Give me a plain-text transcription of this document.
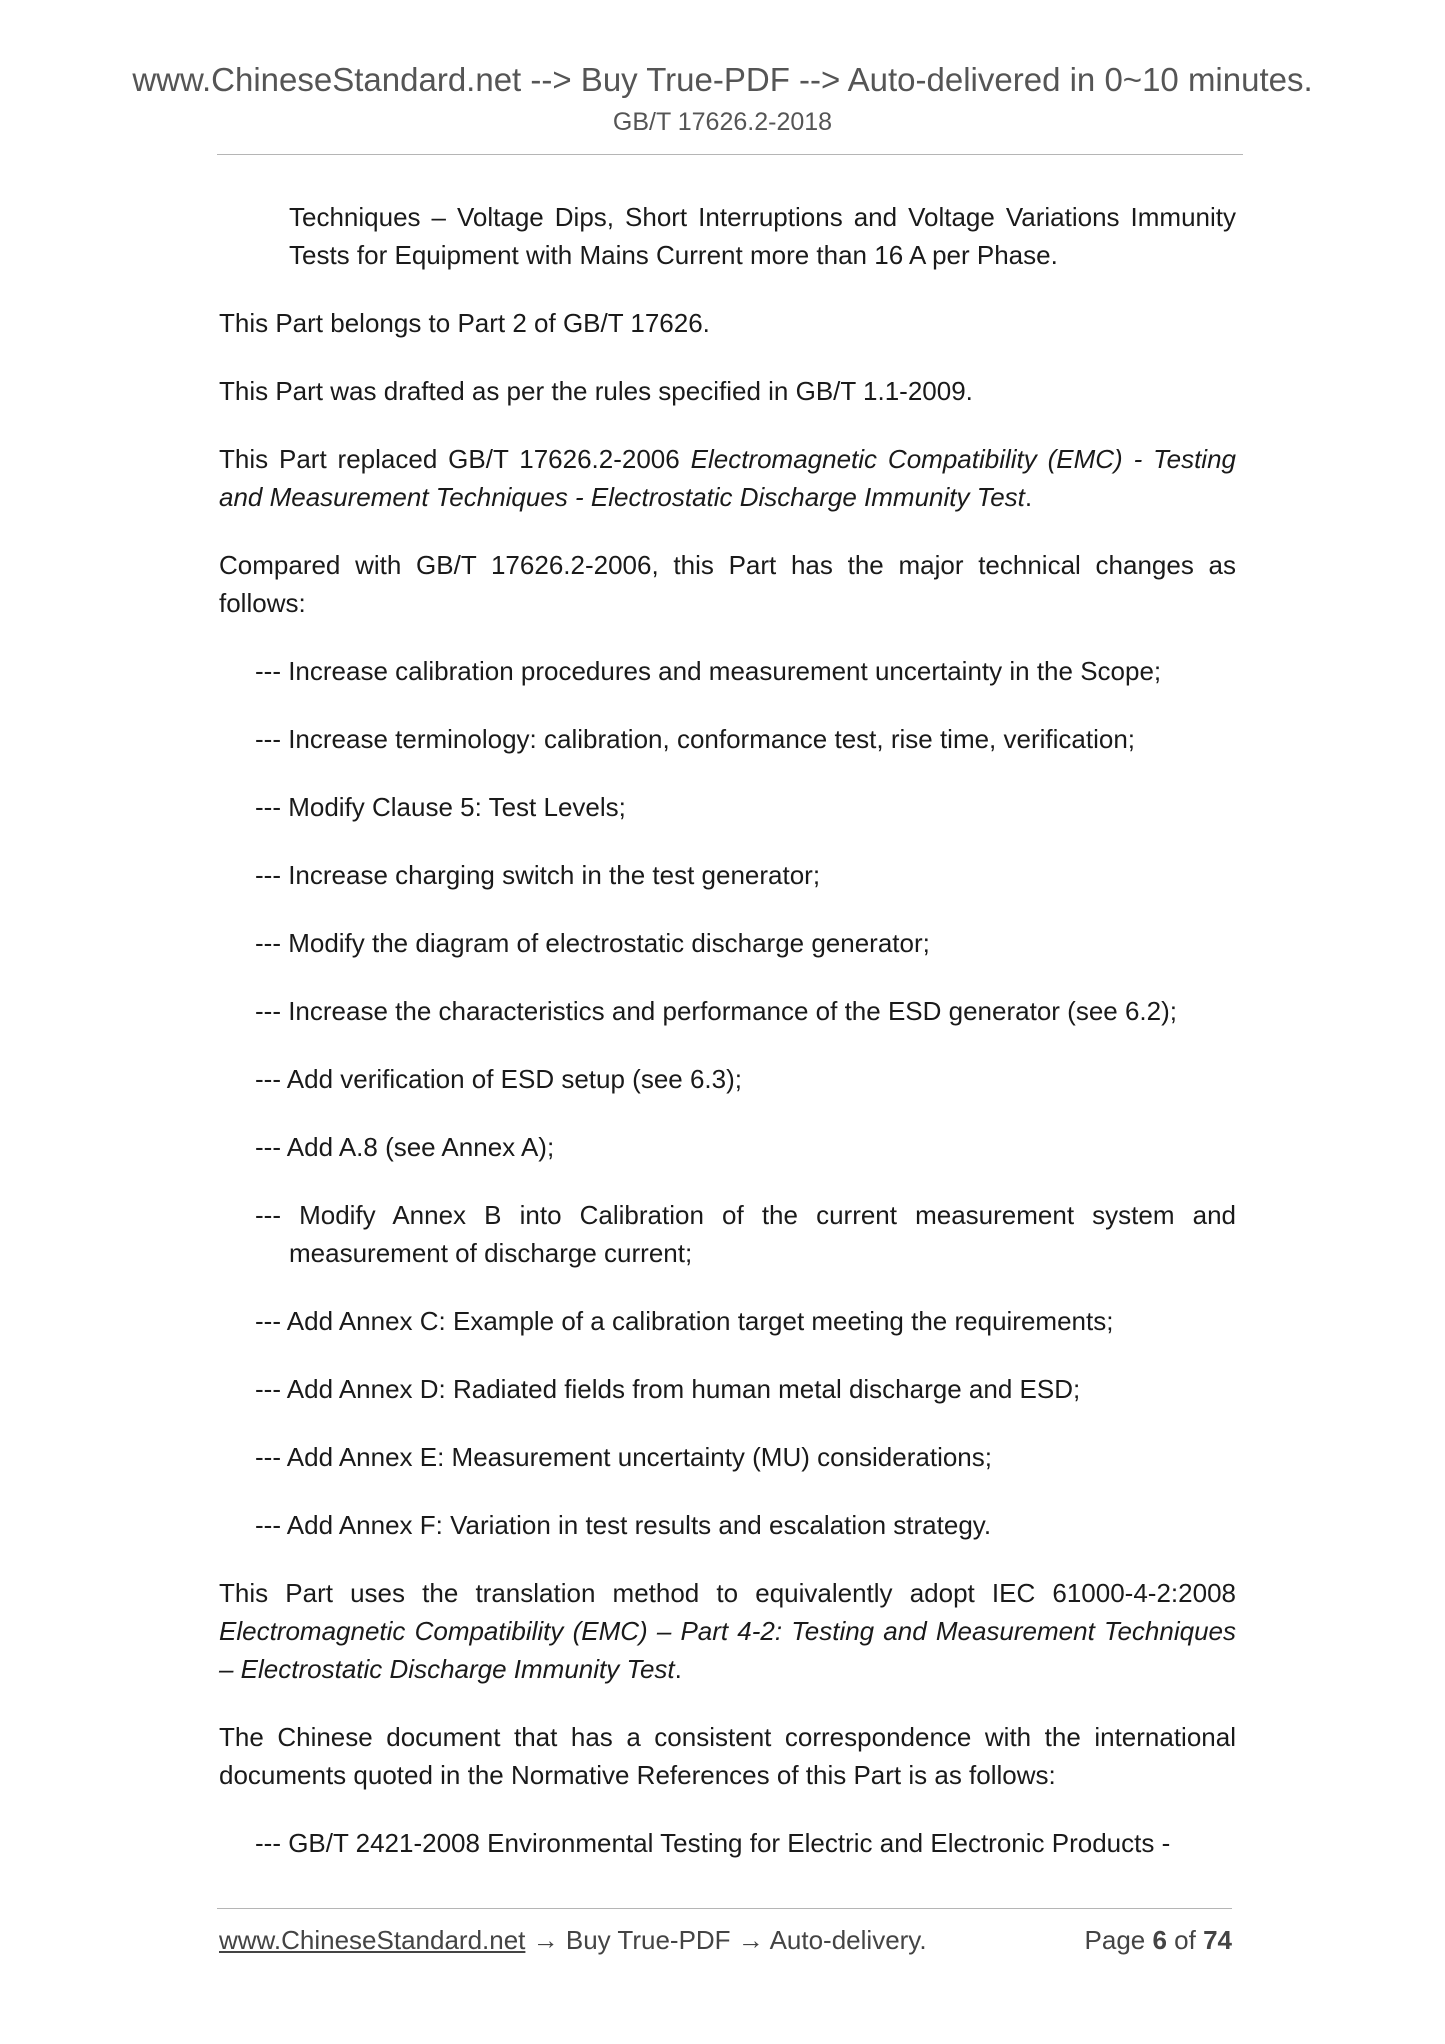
www.ChineseStandard.net --> Buy True-PDF --> Auto-delivered in 0~10 minutes.
GB/T 17626.2-2018

Techniques – Voltage Dips, Short Interruptions and Voltage Variations Immunity Tests for Equipment with Mains Current more than 16 A per Phase.

This Part belongs to Part 2 of GB/T 17626.

This Part was drafted as per the rules specified in GB/T 1.1-2009.

This Part replaced GB/T 17626.2-2006 Electromagnetic Compatibility (EMC) - Testing and Measurement Techniques - Electrostatic Discharge Immunity Test.

Compared with GB/T 17626.2-2006, this Part has the major technical changes as follows:

--- Increase calibration procedures and measurement uncertainty in the Scope;

--- Increase terminology: calibration, conformance test, rise time, verification;

--- Modify Clause 5: Test Levels;

--- Increase charging switch in the test generator;

--- Modify the diagram of electrostatic discharge generator;

--- Increase the characteristics and performance of the ESD generator (see 6.2);

--- Add verification of ESD setup (see 6.3);

--- Add A.8 (see Annex A);

--- Modify Annex B into Calibration of the current measurement system and measurement of discharge current;

--- Add Annex C: Example of a calibration target meeting the requirements;

--- Add Annex D: Radiated fields from human metal discharge and ESD;

--- Add Annex E: Measurement uncertainty (MU) considerations;

--- Add Annex F: Variation in test results and escalation strategy.

This Part uses the translation method to equivalently adopt IEC 61000-4-2:2008 Electromagnetic Compatibility (EMC) – Part 4-2: Testing and Measurement Techniques – Electrostatic Discharge Immunity Test.

The Chinese document that has a consistent correspondence with the international documents quoted in the Normative References of this Part is as follows:

--- GB/T 2421-2008 Environmental Testing for Electric and Electronic Products -

www.ChineseStandard.net → Buy True-PDF → Auto-delivery.	Page 6 of 74
